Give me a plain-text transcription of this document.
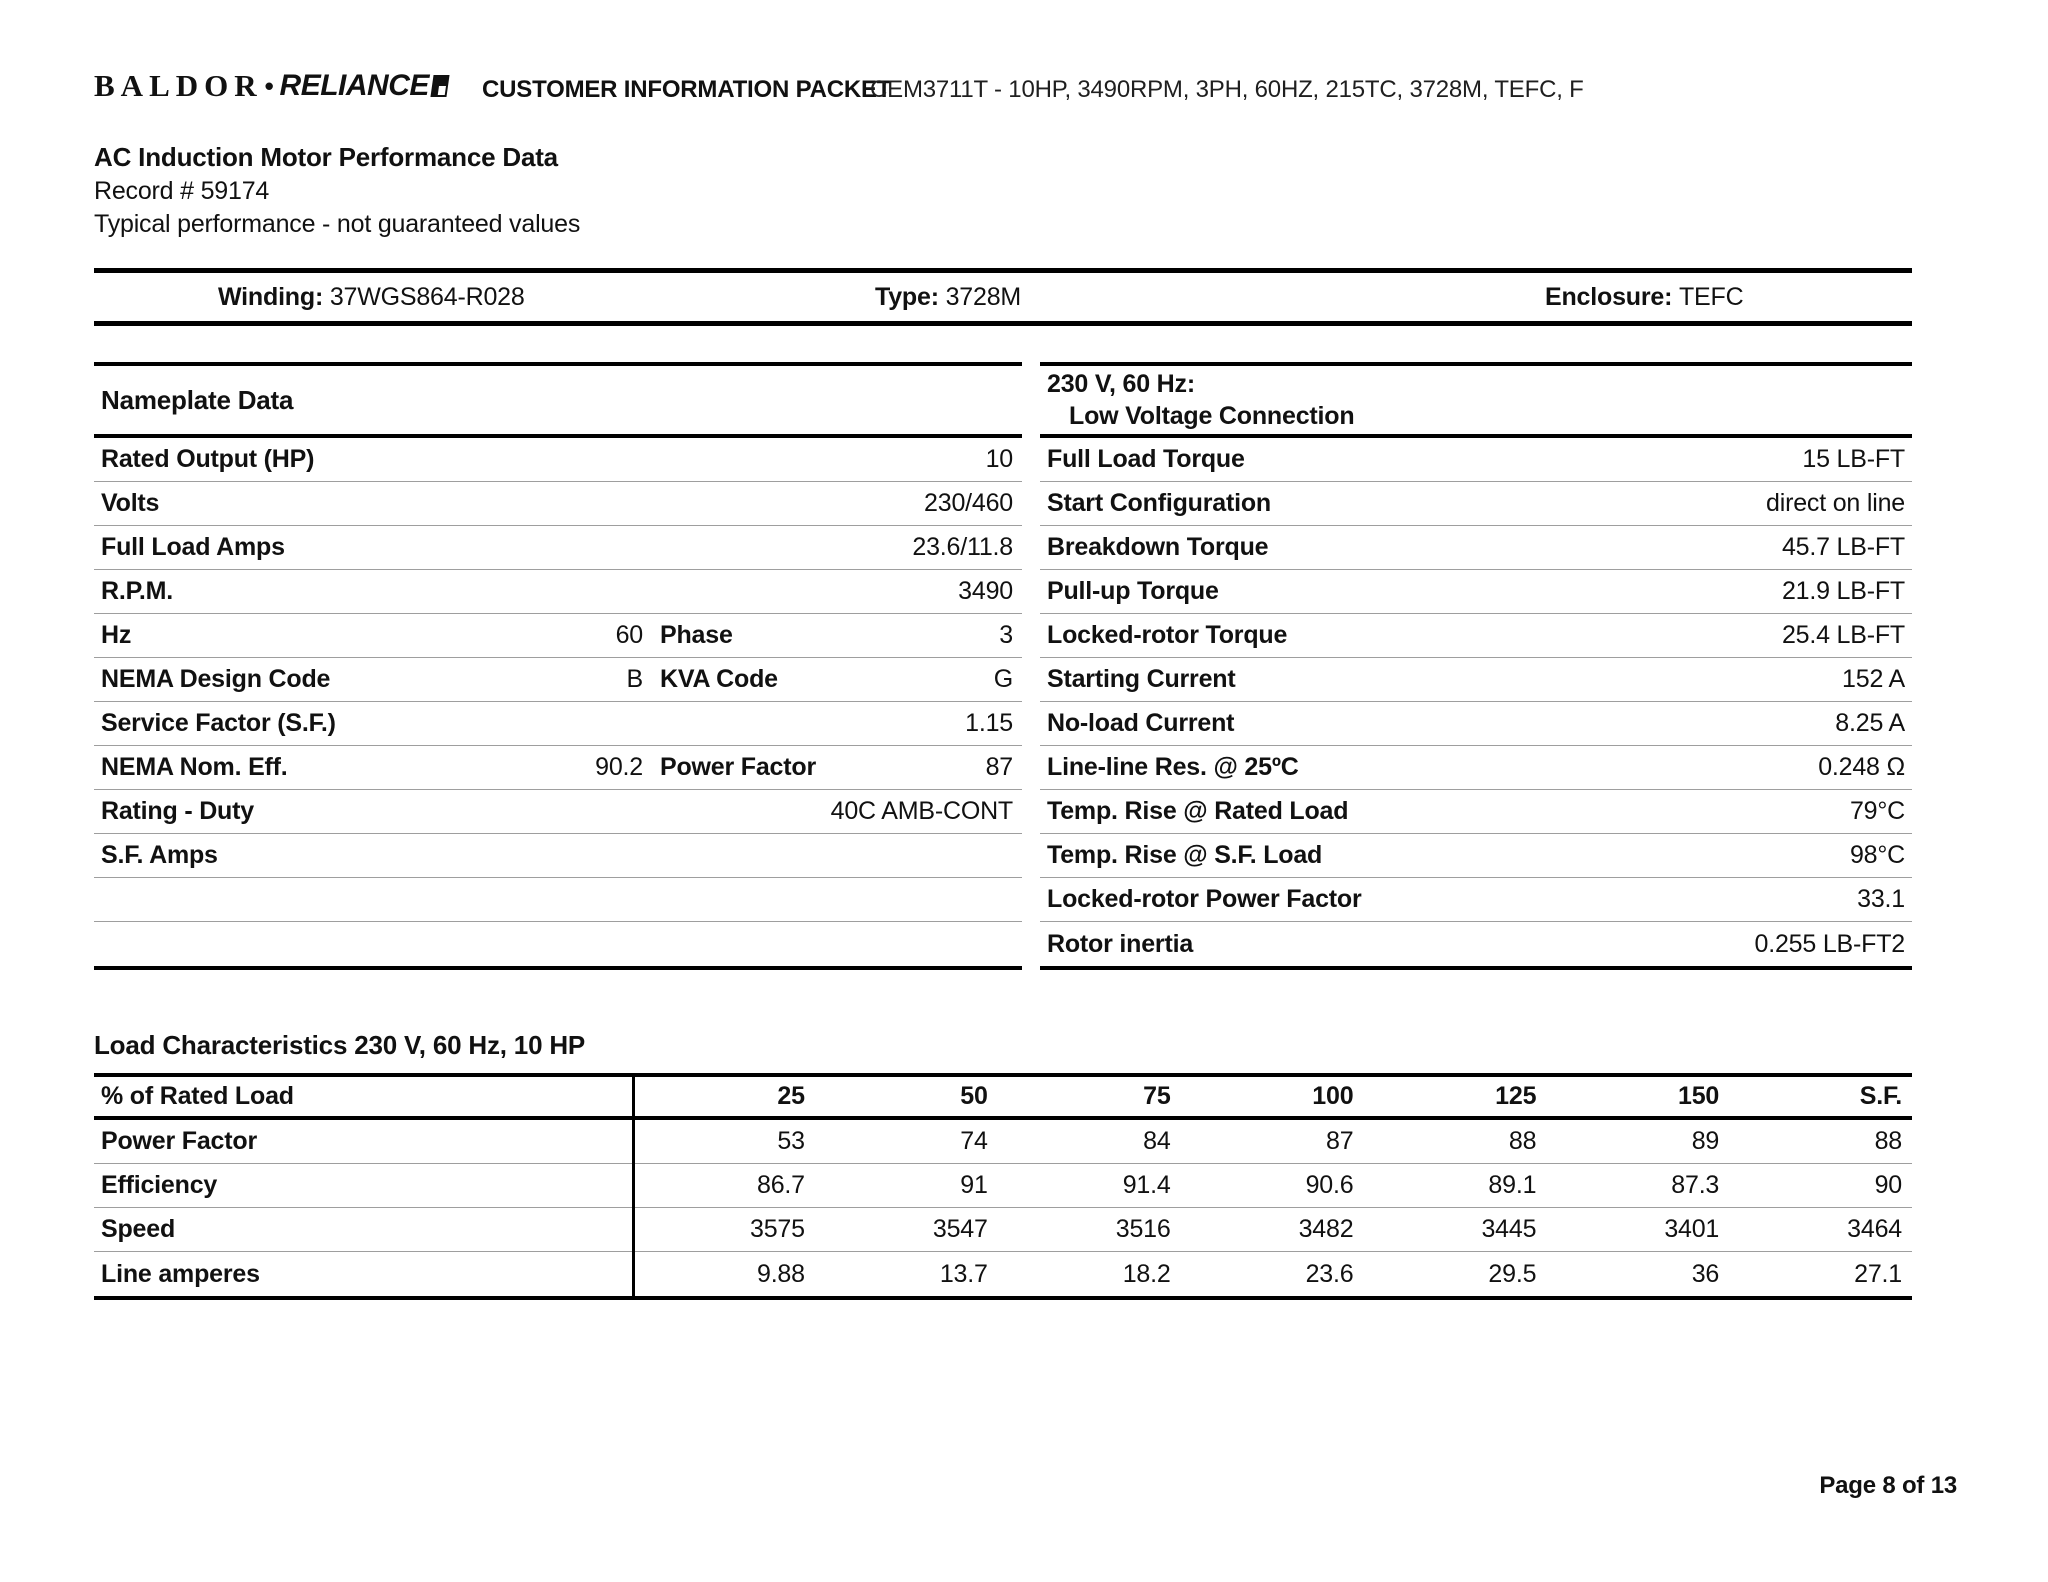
BALDOR • RELIANCE CUSTOMER INFORMATION PACKET
CEM3711T - 10HP, 3490RPM, 3PH, 60HZ, 215TC, 3728M, TEFC, F
AC Induction Motor Performance Data
Record # 59174
Typical performance - not guaranteed values
Winding: 37WGS864-R028	Type: 3728M	Enclosure: TEFC
Nameplate Data
Rated Output (HP)	10
Volts	230/460
Full Load Amps	23.6/11.8
R.P.M.	3490
Hz	60 Phase	3
NEMA Design Code	B KVA Code	G
Service Factor (S.F.)	1.15
NEMA Nom. Eff.	90.2 Power Factor	87
Rating - Duty	40C AMB-CONT
S.F. Amps
230 V, 60 Hz:
Low Voltage Connection
Full Load Torque	15 LB-FT
Start Configuration	direct on line
Breakdown Torque	45.7 LB-FT
Pull-up Torque	21.9 LB-FT
Locked-rotor Torque	25.4 LB-FT
Starting Current	152 A
No-load Current	8.25 A
Line-line Res. @ 25ºC	0.248 Ω
Temp. Rise @ Rated Load	79°C
Temp. Rise @ S.F. Load	98°C
Locked-rotor Power Factor	33.1
Rotor inertia	0.255 LB-FT2
Load Characteristics 230 V, 60 Hz, 10 HP
% of Rated Load	25	50	75	100	125	150	S.F.
Power Factor	53	74	84	87	88	89	88
Efficiency	86.7	91	91.4	90.6	89.1	87.3	90
Speed	3575	3547	3516	3482	3445	3401	3464
Line amperes	9.88	13.7	18.2	23.6	29.5	36	27.1
Page 8 of 13
